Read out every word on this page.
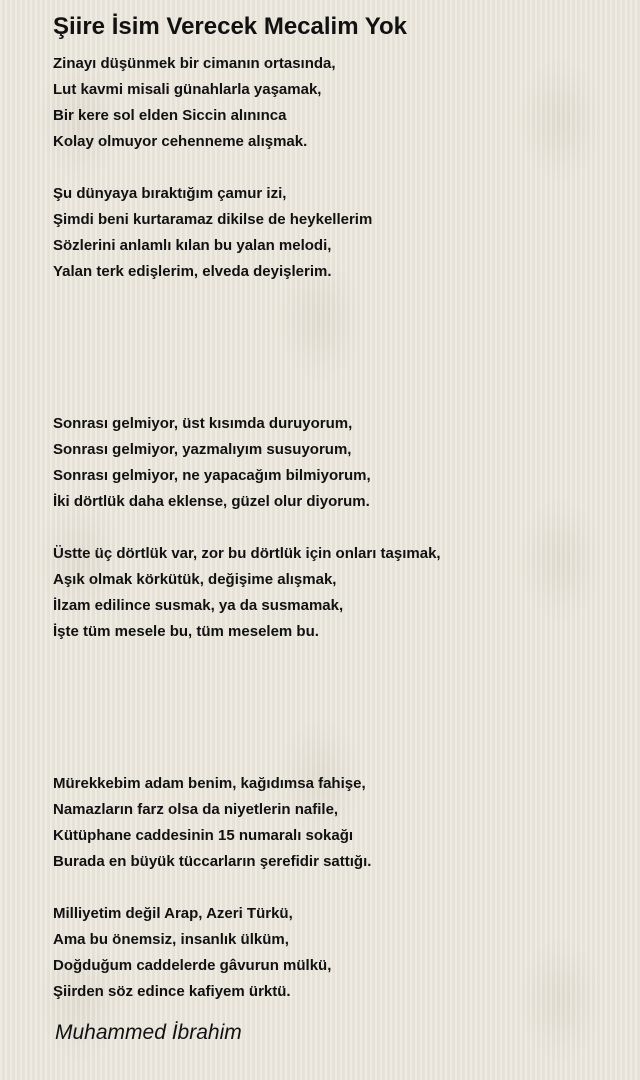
Şiire İsim Verecek Mecalim Yok
Zinayı düşünmek bir cimanın ortasında,
Lut kavmi misali günahlarla yaşamak,
Bir kere sol elden Siccin alınınca
Kolay olmuyor cehenneme alışmak.
Şu dünyaya bıraktığım çamur izi,
Şimdi beni kurtaramaz dikilse de heykellerim
Sözlerini anlamlı kılan bu yalan melodi,
Yalan terk edişlerim, elveda deyişlerim.
Sonrası gelmiyor, üst kısımda duruyorum,
Sonrası gelmiyor, yazmalıyım susuyorum,
Sonrası gelmiyor, ne yapacağım bilmiyorum,
İki dörtlük daha eklense, güzel olur diyorum.
Üstte üç dörtlük var, zor bu dörtlük için onları taşımak,
Aşık olmak körkütük, değişime alışmak,
İlzam edilince susmak, ya da susmamak,
İşte tüm mesele bu, tüm meselem bu.
Mürekkebim adam benim, kağıdımsa fahişe,
Namazların farz olsa da niyetlerin nafile,
Kütüphane caddesinin 15 numaralı sokağı
Burada en büyük tüccarların şerefidir sattığı.
Milliyetim değil Arap, Azeri Türkü,
Ama bu önemsiz, insanlık ülküm,
Doğduğum caddelerde gâvurun mülkü,
Şiirden söz edince kafiyem ürktü.
Muhammed İbrahim
